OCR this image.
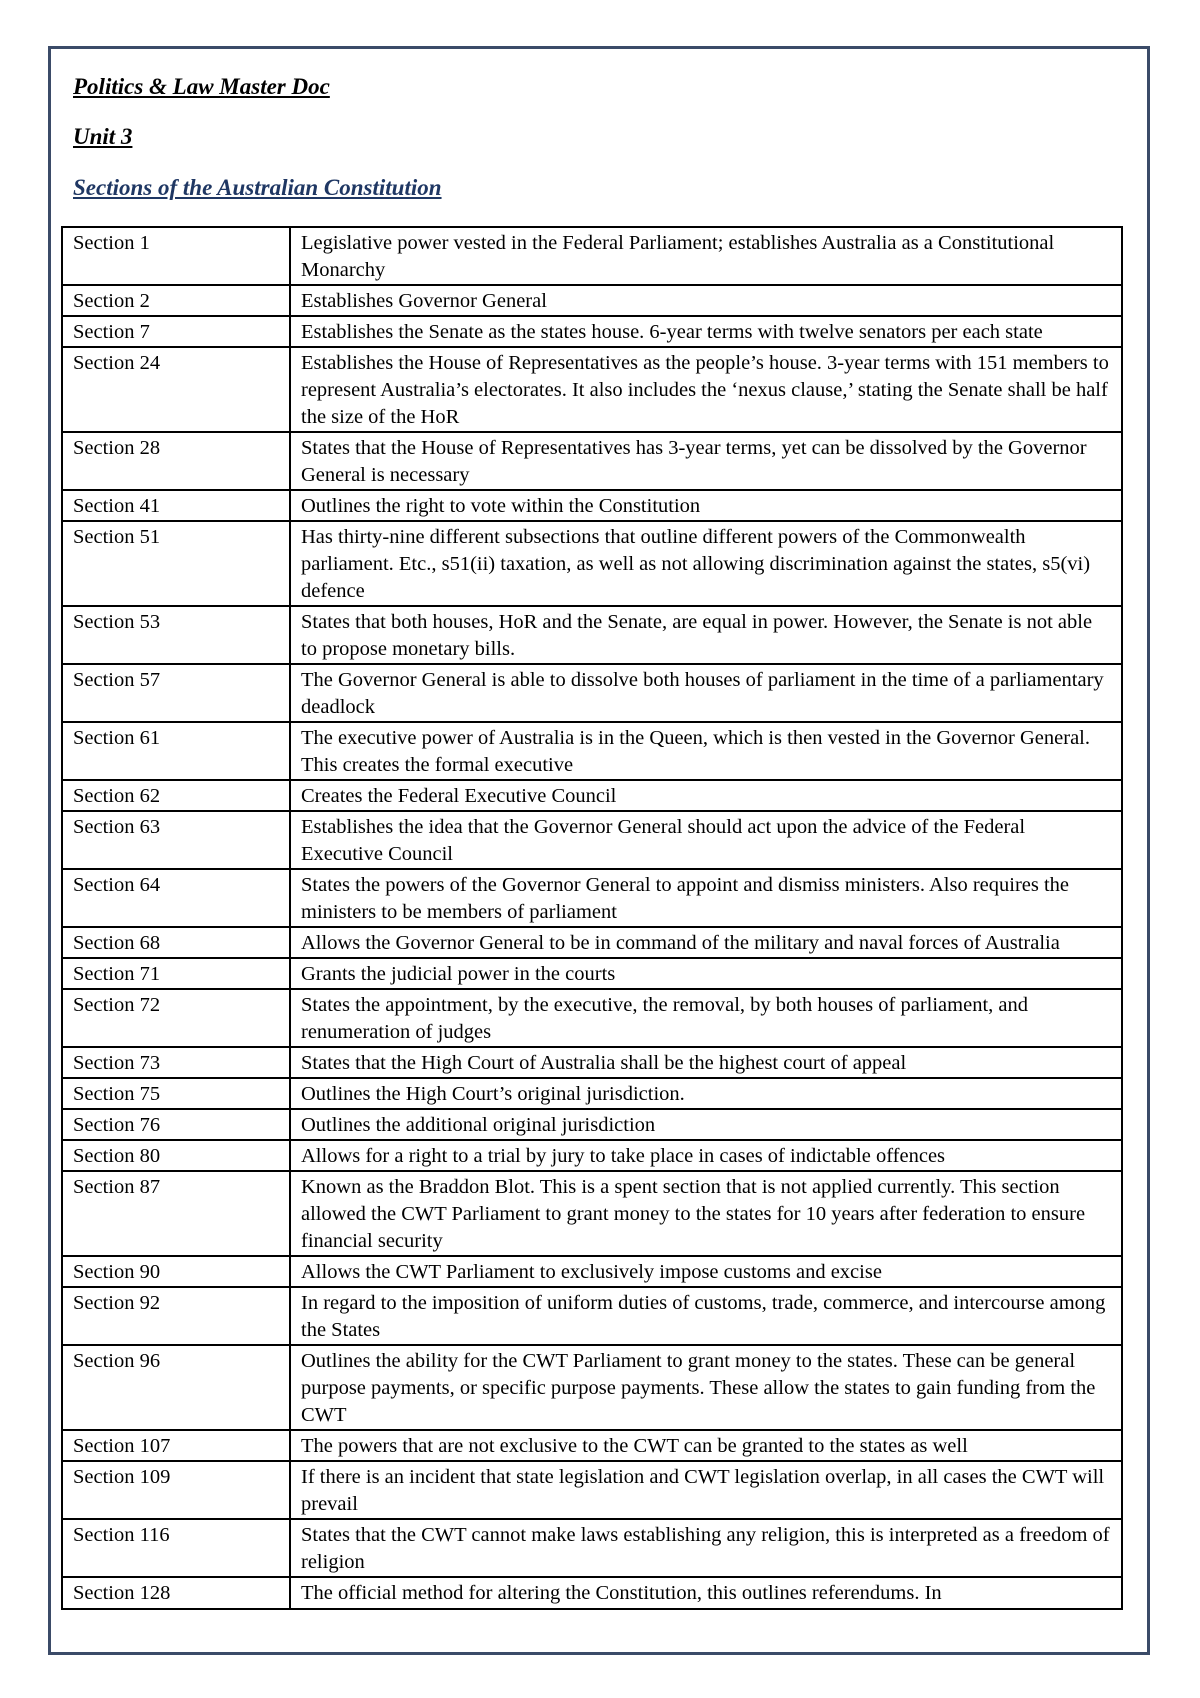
Politics & Law Master Doc
Unit 3
Sections of the Australian Constitution
Section 1	Legislative power vested in the Federal Parliament; establishes Australia as a Constitutional Monarchy
Section 2	Establishes Governor General
Section 7	Establishes the Senate as the states house. 6-year terms with twelve senators per each state
Section 24	Establishes the House of Representatives as the people’s house. 3-year terms with 151 members to represent Australia’s electorates. It also includes the ‘nexus clause,’ stating the Senate shall be half the size of the HoR
Section 28	States that the House of Representatives has 3-year terms, yet can be dissolved by the Governor General is necessary
Section 41	Outlines the right to vote within the Constitution
Section 51	Has thirty-nine different subsections that outline different powers of the Commonwealth parliament. Etc., s51(ii) taxation, as well as not allowing discrimination against the states, s5(vi) defence
Section 53	States that both houses, HoR and the Senate, are equal in power. However, the Senate is not able to propose monetary bills.
Section 57	The Governor General is able to dissolve both houses of parliament in the time of a parliamentary deadlock
Section 61	The executive power of Australia is in the Queen, which is then vested in the Governor General. This creates the formal executive
Section 62	Creates the Federal Executive Council
Section 63	Establishes the idea that the Governor General should act upon the advice of the Federal Executive Council
Section 64	States the powers of the Governor General to appoint and dismiss ministers. Also requires the ministers to be members of parliament
Section 68	Allows the Governor General to be in command of the military and naval forces of Australia
Section 71	Grants the judicial power in the courts
Section 72	States the appointment, by the executive, the removal, by both houses of parliament, and renumeration of judges
Section 73	States that the High Court of Australia shall be the highest court of appeal
Section 75	Outlines the High Court’s original jurisdiction.
Section 76	Outlines the additional original jurisdiction
Section 80	Allows for a right to a trial by jury to take place in cases of indictable offences
Section 87	Known as the Braddon Blot. This is a spent section that is not applied currently. This section allowed the CWT Parliament to grant money to the states for 10 years after federation to ensure financial security
Section 90	Allows the CWT Parliament to exclusively impose customs and excise
Section 92	In regard to the imposition of uniform duties of customs, trade, commerce, and intercourse among the States
Section 96	Outlines the ability for the CWT Parliament to grant money to the states. These can be general purpose payments, or specific purpose payments. These allow the states to gain funding from the CWT
Section 107	The powers that are not exclusive to the CWT can be granted to the states as well
Section 109	If there is an incident that state legislation and CWT legislation overlap, in all cases the CWT will prevail
Section 116	States that the CWT cannot make laws establishing any religion, this is interpreted as a freedom of religion
Section 128	The official method for altering the Constitution, this outlines referendums. In
